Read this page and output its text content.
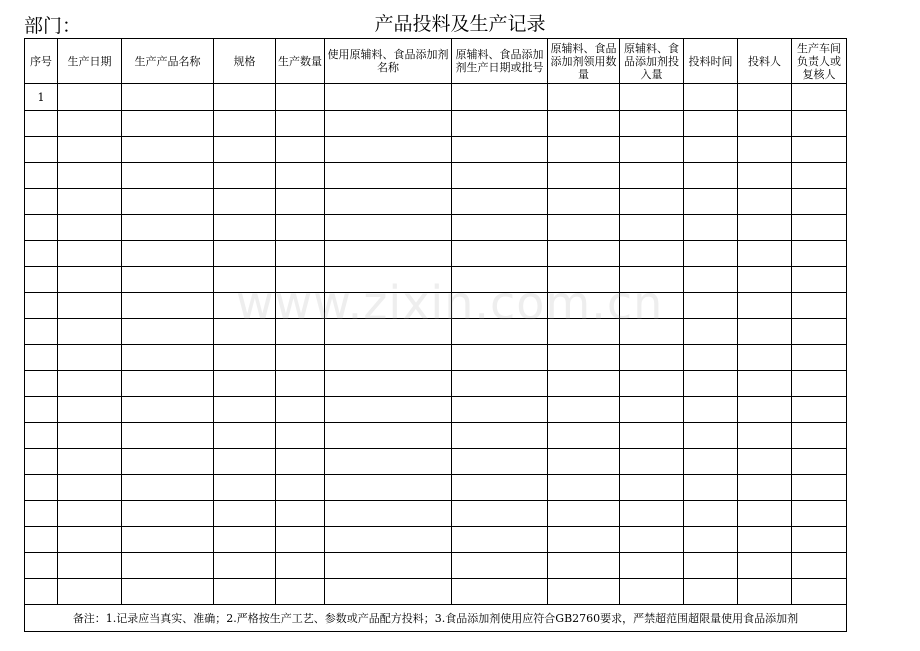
部门：	产品投料及生产记录
序号	生产日期	生产产品名称	规格	生产数量	使用原辅料、食品添加剂名称	原辅料、食品添加剂生产日期或批号	原辅料、食品添加剂领用数量	原辅料、食品添加剂投入量	投料时间	投料人	生产车间负责人或复核人

1											

备注：1.记录应当真实、准确；2.严格按生产工艺、参数或产品配方投料；3.食品添加剂使用应符合GB2760要求，严禁超范围超限量使用食品添加剂											
www.zixin.com.cn
